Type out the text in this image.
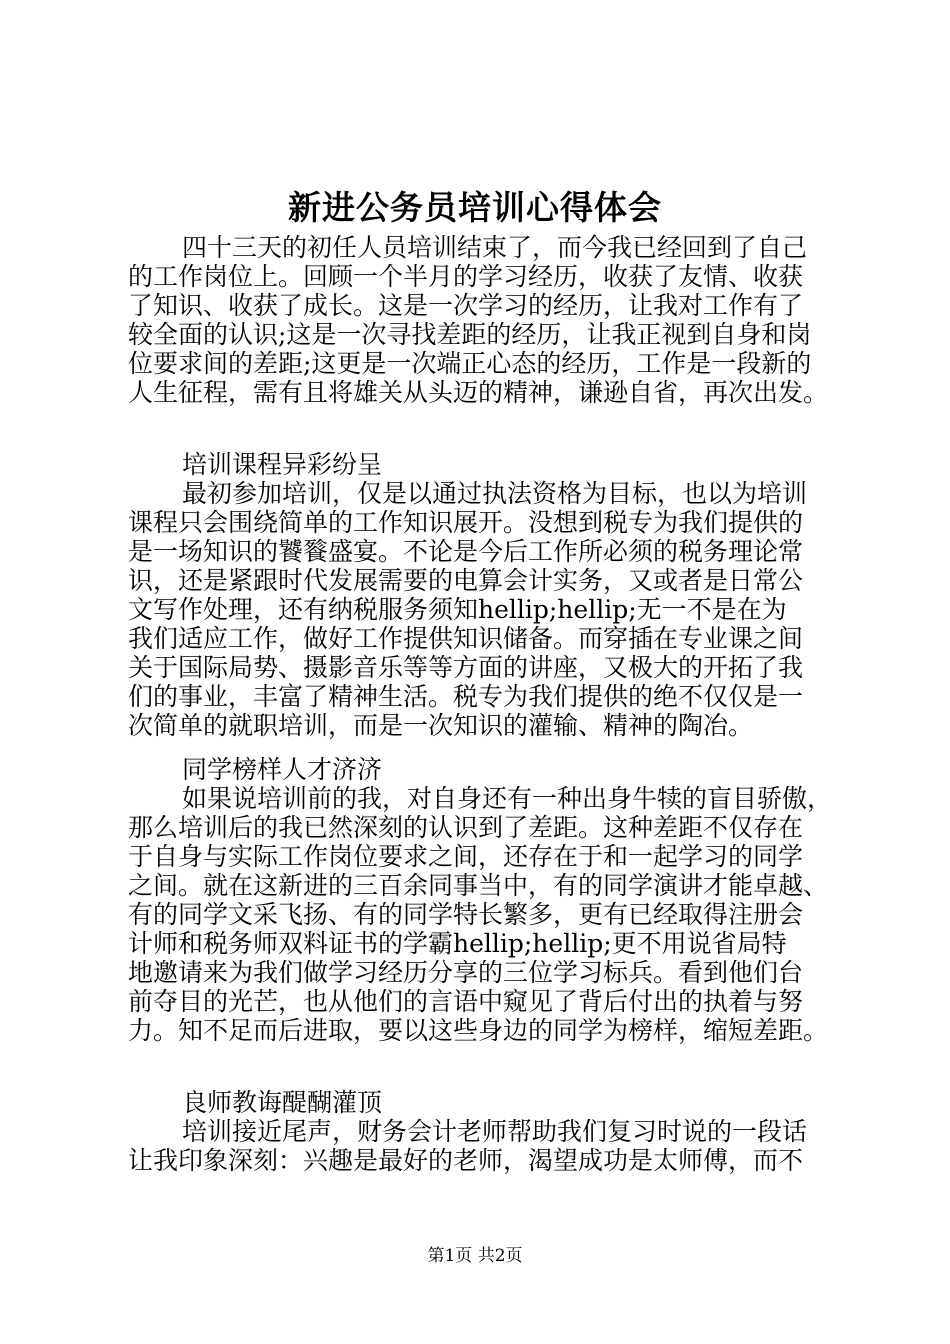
新进公务员培训心得体会
四十三天的初任人员培训结束了，而今我已经回到了自己
的工作岗位上。回顾一个半月的学习经历，收获了友情、收获
了知识、收获了成长。这是一次学习的经历，让我对工作有了
较全面的认识;这是一次寻找差距的经历，让我正视到自身和岗
位要求间的差距;这更是一次端正心态的经历，工作是一段新的
人生征程，需有且将雄关从头迈的精神，谦逊自省，再次出发。
培训课程异彩纷呈
最初参加培训，仅是以通过执法资格为目标，也以为培训
课程只会围绕简单的工作知识展开。没想到税专为我们提供的
是一场知识的饕餮盛宴。不论是今后工作所必须的税务理论常
识，还是紧跟时代发展需要的电算会计实务，又或者是日常公
文写作处理，还有纳税服务须知hellip;hellip;无一不是在为
我们适应工作，做好工作提供知识储备。而穿插在专业课之间
关于国际局势、摄影音乐等等方面的讲座，又极大的开拓了我
们的事业，丰富了精神生活。税专为我们提供的绝不仅仅是一
次简单的就职培训，而是一次知识的灌输、精神的陶冶。
同学榜样人才济济
如果说培训前的我，对自身还有一种出身牛犊的盲目骄傲，
那么培训后的我已然深刻的认识到了差距。这种差距不仅存在
于自身与实际工作岗位要求之间，还存在于和一起学习的同学
之间。就在这新进的三百余同事当中，有的同学演讲才能卓越、
有的同学文采飞扬、有的同学特长繁多，更有已经取得注册会
计师和税务师双料证书的学霸hellip;hellip;更不用说省局特
地邀请来为我们做学习经历分享的三位学习标兵。看到他们台
前夺目的光芒，也从他们的言语中窥见了背后付出的执着与努
力。知不足而后进取，要以这些身边的同学为榜样，缩短差距。
良师教诲醍醐灌顶
培训接近尾声，财务会计老师帮助我们复习时说的一段话
让我印象深刻：兴趣是最好的老师，渴望成功是太师傅，而不
第1页 共2页
